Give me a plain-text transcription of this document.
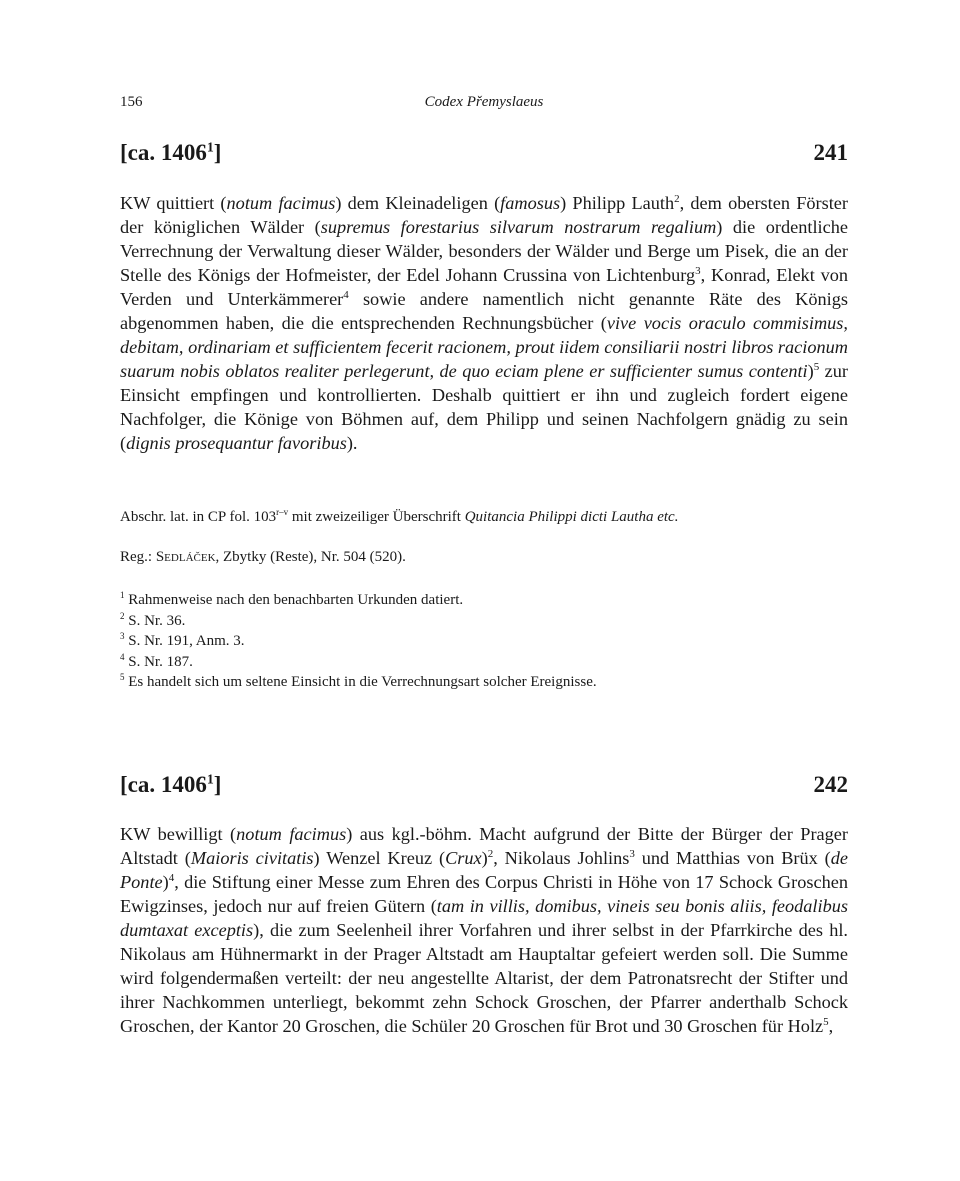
156	Codex Přemyslaeus
[ca. 1406$^1$]	241

KW quittiert (notum facimus) dem Kleinadeligen (famosus) Philipp Lauth$^2$, dem obersten Förster der königlichen Wälder (supremus forestarius silvarum nostrarum regalium) die ordentliche Verrechnung der Verwaltung dieser Wälder, besonders der Wälder und Berge um Pisek, die an der Stelle des Königs der Hofmeister, der Edel Johann Crussina von Lichtenburg$^3$, Konrad, Elekt von Verden und Unterkämmerer$^4$ sowie andere namentlich nicht genannte Räte des Königs abgenommen haben, die die entsprechenden Rechnungsbücher (vive vocis oraculo commisimus, debitam, ordinariam et sufficientem fecerit racionem, prout iidem consiliarii nostri libros racionum suarum nobis oblatos realiter perlegerunt, de quo eciam plene er sufficienter sumus contenti)$^5$ zur Einsicht empfingen und kontrollierten. Deshalb quittiert er ihn und zugleich fordert eigene Nachfolger, die Könige von Böhmen auf, dem Philipp und seinen Nachfolgern gnädig zu sein (dignis prosequantur favoribus).

Abschr. lat. in CP fol. 103$^{r-v}$ mit zweizeiliger Überschrift Quitancia Philippi dicti Lautha etc.

Reg.: Sedláček, Zbytky (Reste), Nr. 504 (520).

$^1$ Rahmenweise nach den benachbarten Urkunden datiert.
$^2$ S. Nr. 36.
$^3$ S. Nr. 191, Anm. 3.
$^4$ S. Nr. 187.
$^5$ Es handelt sich um seltene Einsicht in die Verrechnungsart solcher Ereignisse.
[ca. 1406$^1$]	242

KW bewilligt (notum facimus) aus kgl.-böhm. Macht aufgrund der Bitte der Bürger der Prager Altstadt (Maioris civitatis) Wenzel Kreuz (Crux)$^2$, Nikolaus Johlins$^3$ und Matthias von Brüx (de Ponte)$^4$, die Stiftung einer Messe zum Ehren des Corpus Christi in Höhe von 17 Schock Groschen Ewigzinses, jedoch nur auf freien Gütern (tam in villis, domibus, vineis seu bonis aliis, feodalibus dumtaxat exceptis), die zum Seelenheil ihrer Vorfahren und ihrer selbst in der Pfarrkirche des hl. Nikolaus am Hühnermarkt in der Prager Altstadt am Hauptaltar gefeiert werden soll. Die Summe wird folgendermaßen verteilt: der neu angestellte Altarist, der dem Patronatsrecht der Stifter und ihrer Nachkommen unterliegt, bekommt zehn Schock Groschen, der Pfarrer anderthalb Schock Groschen, der Kantor 20 Groschen, die Schüler 20 Groschen für Brot und 30 Groschen für Holz$^5$,
